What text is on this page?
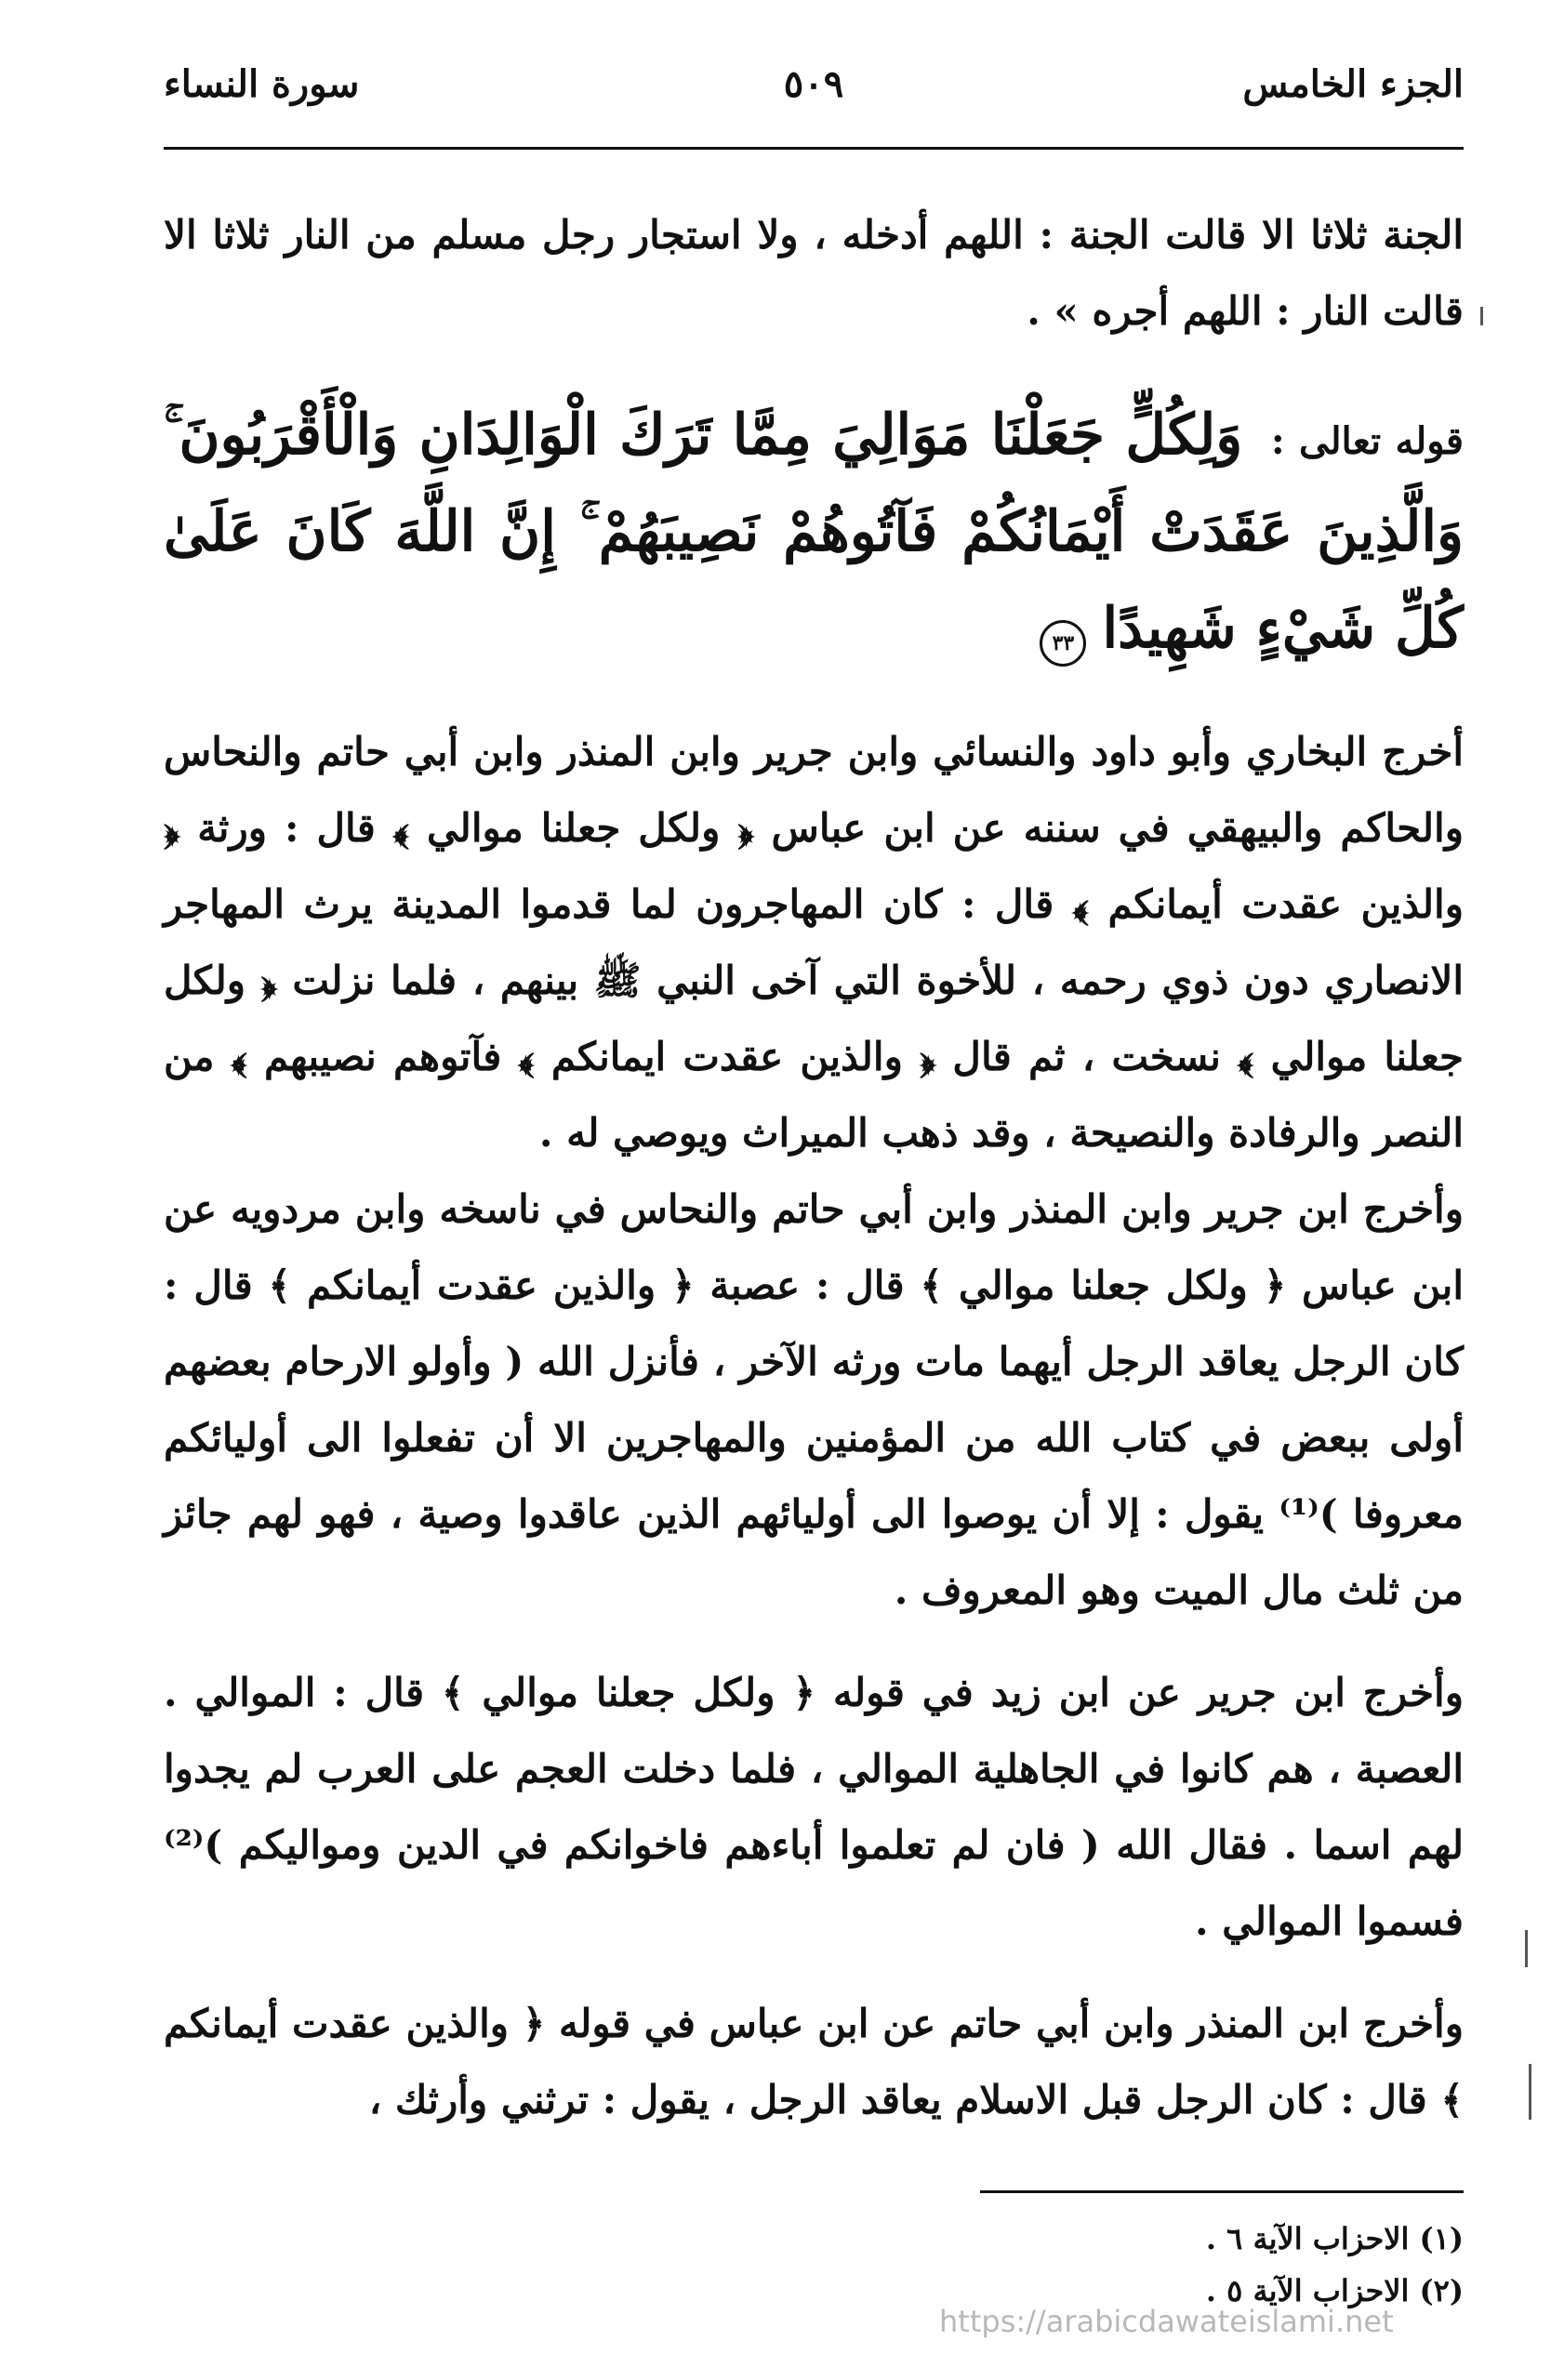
الجزء الخامس
٥٠٩
سورة النساء

الجنة ثلاثا الا قالت الجنة : اللهم أدخله ، ولا استجار رجل مسلم من النار ثلاثا الا قالت النار : اللهم أجره » .

قوله تعالى : وَلِكُلٍّ جَعَلْنَا مَوَالِيَ مِمَّا تَرَكَ الْوَالِدَانِ وَالْأَقْرَبُونَ ۚ وَالَّذِينَ عَقَدَتْ أَيْمَانُكُمْ فَآتُوهُمْ نَصِيبَهُمْ ۚ إِنَّ اللَّهَ كَانَ عَلَىٰ كُلِّ شَيْءٍ شَهِيدًا ٣٣

أخرج البخاري وأبو داود والنسائي وابن جرير وابن المنذر وابن أبي حاتم والنحاس والحاكم والبيهقي في سننه عن ابن عباس ﴿ ولكل جعلنا موالي ﴾ قال : ورثة ﴿ والذين عقدت أيمانكم ﴾ قال : كان المهاجرون لما قدموا المدينة يرث المهاجر الانصاري دون ذوي رحمه ، للأخوة التي آخى النبي ﷺ بينهم ، فلما نزلت ﴿ ولكل جعلنا موالي ﴾ نسخت ، ثم قال ﴿ والذين عقدت ايمانكم ﴾ فآتوهم نصيبهم ﴾ من النصر والرفادة والنصيحة ، وقد ذهب الميراث ويوصي له .

وأخرج ابن جرير وابن المنذر وابن أبي حاتم والنحاس في ناسخه وابن مردويه عن ابن عباس ﴿ ولكل جعلنا موالي ﴾ قال : عصبة ﴿ والذين عقدت أيمانكم ﴾ قال : كان الرجل يعاقد الرجل أيهما مات ورثه الآخر ، فأنزل الله ( وأولو الارحام بعضهم أولى ببعض في كتاب الله من المؤمنين والمهاجرين الا أن تفعلوا الى أوليائكم معروفا )⁽¹⁾ يقول : إلا أن يوصوا الى أوليائهم الذين عاقدوا وصية ، فهو لهم جائز من ثلث مال الميت وهو المعروف .

وأخرج ابن جرير عن ابن زيد في قوله ﴿ ولكل جعلنا موالي ﴾ قال : الموالي . العصبة ، هم كانوا في الجاهلية الموالي ، فلما دخلت العجم على العرب لم يجدوا لهم اسما . فقال الله ( فان لم تعلموا أباءهم فاخوانكم في الدين ومواليكم )⁽²⁾ فسموا الموالي .

وأخرج ابن المنذر وابن أبي حاتم عن ابن عباس في قوله ﴿ والذين عقدت أيمانكم ﴾ قال : كان الرجل قبل الاسلام يعاقد الرجل ، يقول : ترثني وأرثك ،

(١) الاحزاب الآية ٦ .

(٢) الاحزاب الآية ٥ .

https://arabicdawateislami.net
